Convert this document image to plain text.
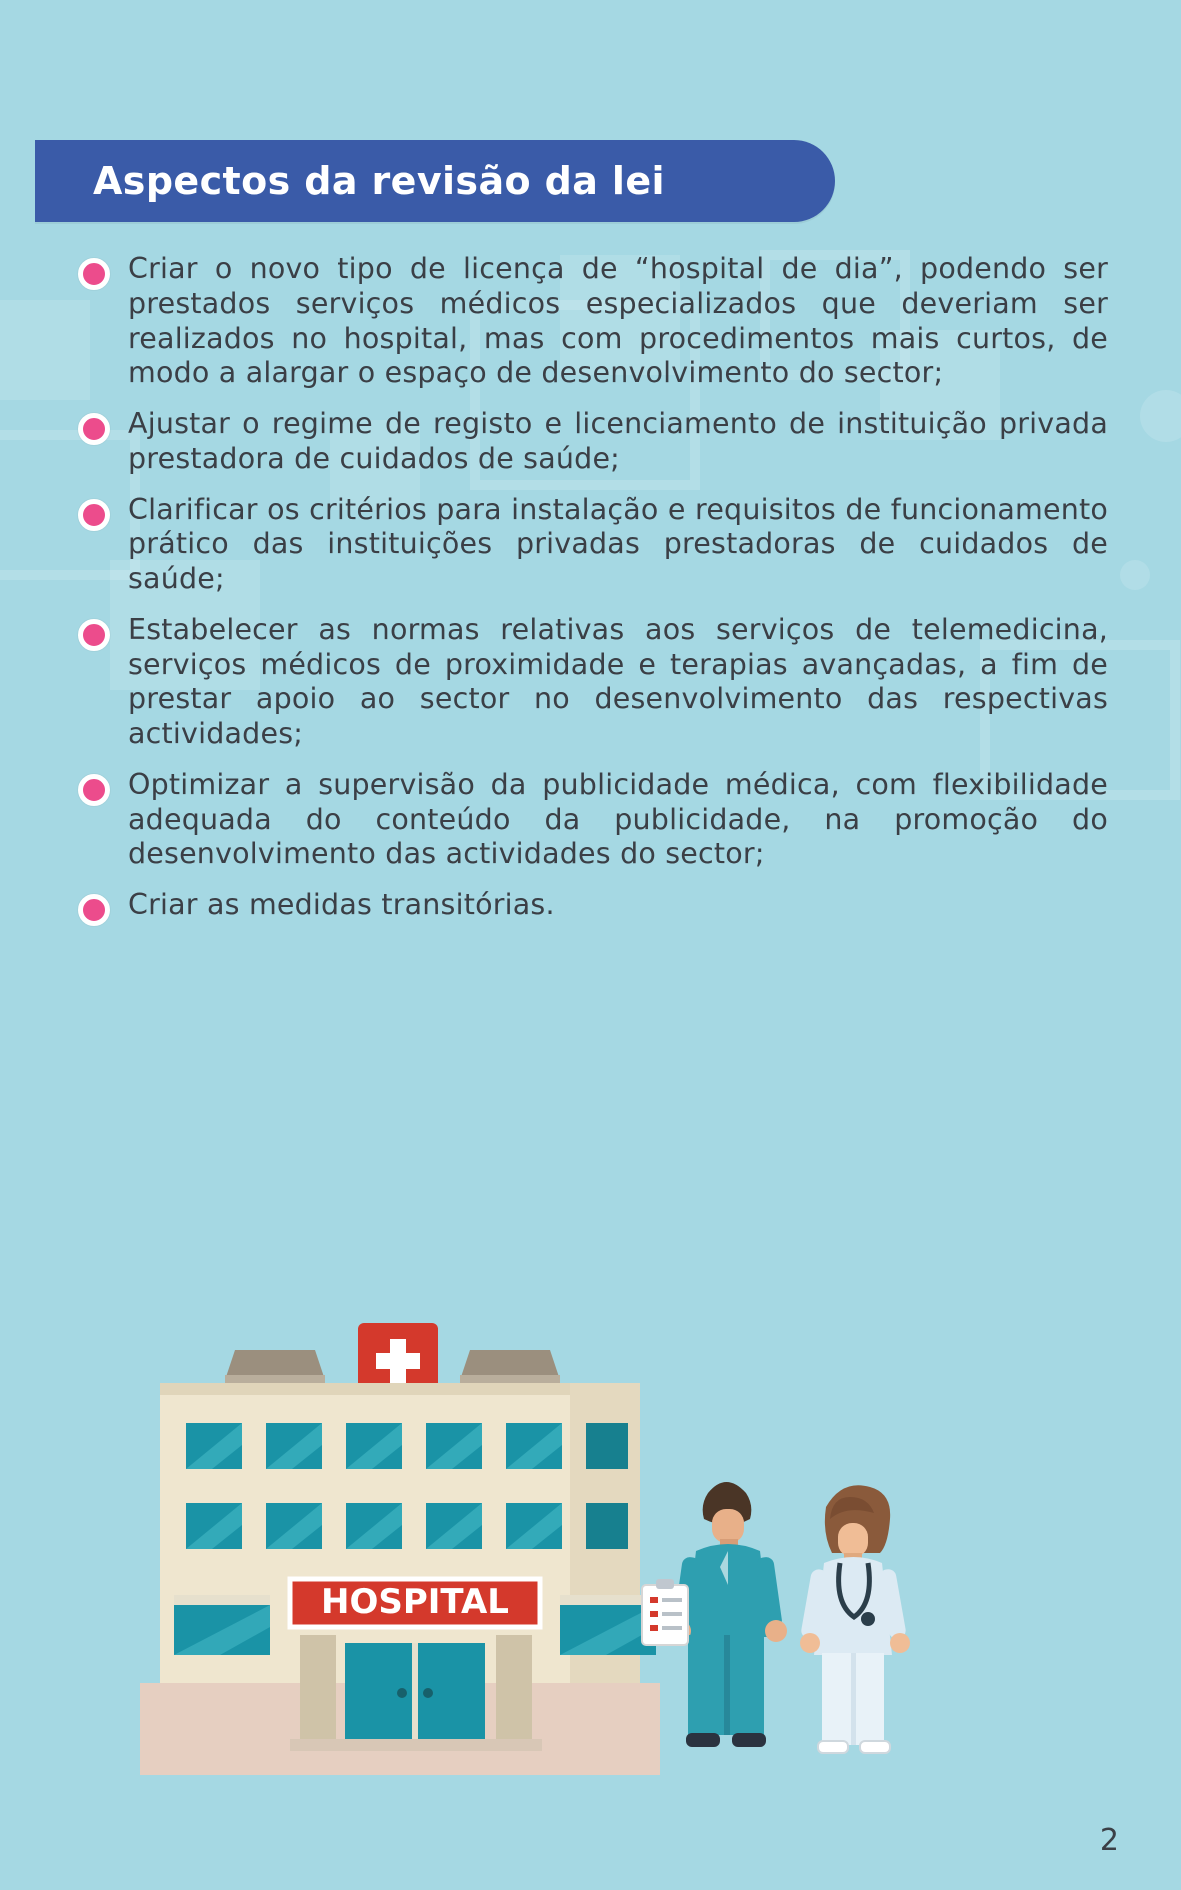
Aspectos da revisão da lei
Criar o novo tipo de licença de “hospital de dia”, podendo ser prestados serviços médicos especializados que deveriam ser realizados no hospital, mas com procedimentos mais curtos, de modo a alargar o espaço de desenvolvimento do sector;
Ajustar o regime de registo e licenciamento de instituição privada prestadora de cuidados de saúde;
Clarificar os critérios para instalação e requisitos de funcionamento prático das instituições privadas prestadoras de cuidados de saúde;
Estabelecer as normas relativas aos serviços de telemedicina, serviços médicos de proximidade e terapias avançadas, a fim de prestar apoio ao sector no desenvolvimento das respectivas actividades;
Optimizar a supervisão da publicidade médica, com flexibilidade adequada do conteúdo da publicidade, na promoção do desenvolvimento das actividades do sector;
Criar as medidas transitórias.
HOSPITAL
2
